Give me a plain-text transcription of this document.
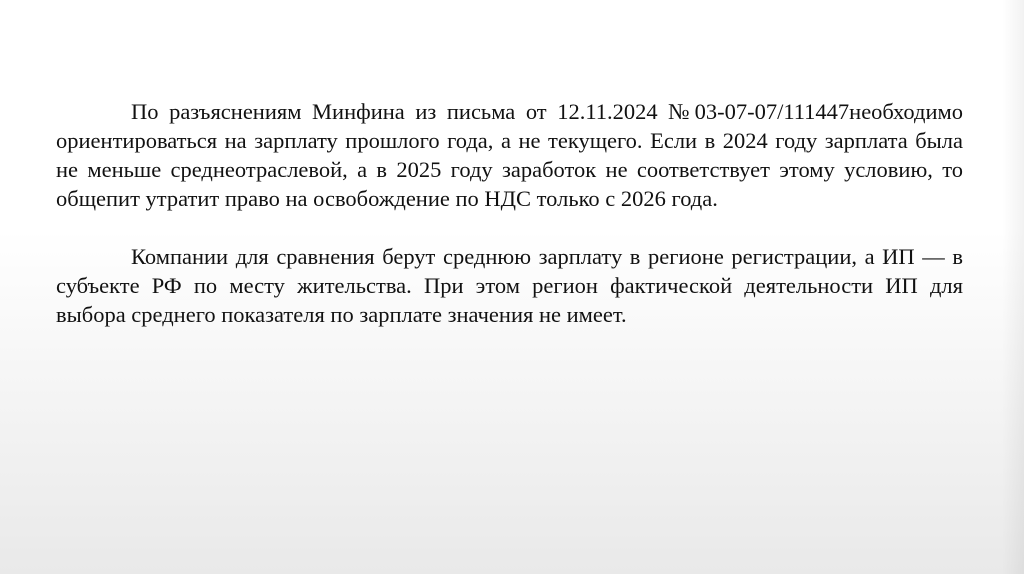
По разъяснениям Минфина из письма от 12.11.2024 №03-07-07/111447необходимо ориентироваться на зарплату прошлого года, а не текущего. Если в 2024 году зарплата была не меньше среднеотраслевой, а в 2025 году заработок не соответствует этому условию, то общепит утратит право на освобождение по НДС только с 2026 года.

Компании для сравнения берут среднюю зарплату в регионе регистрации, а ИП — в субъекте РФ по месту жительства. При этом регион фактической деятельности ИП для выбора среднего показателя по зарплате значения не имеет.
